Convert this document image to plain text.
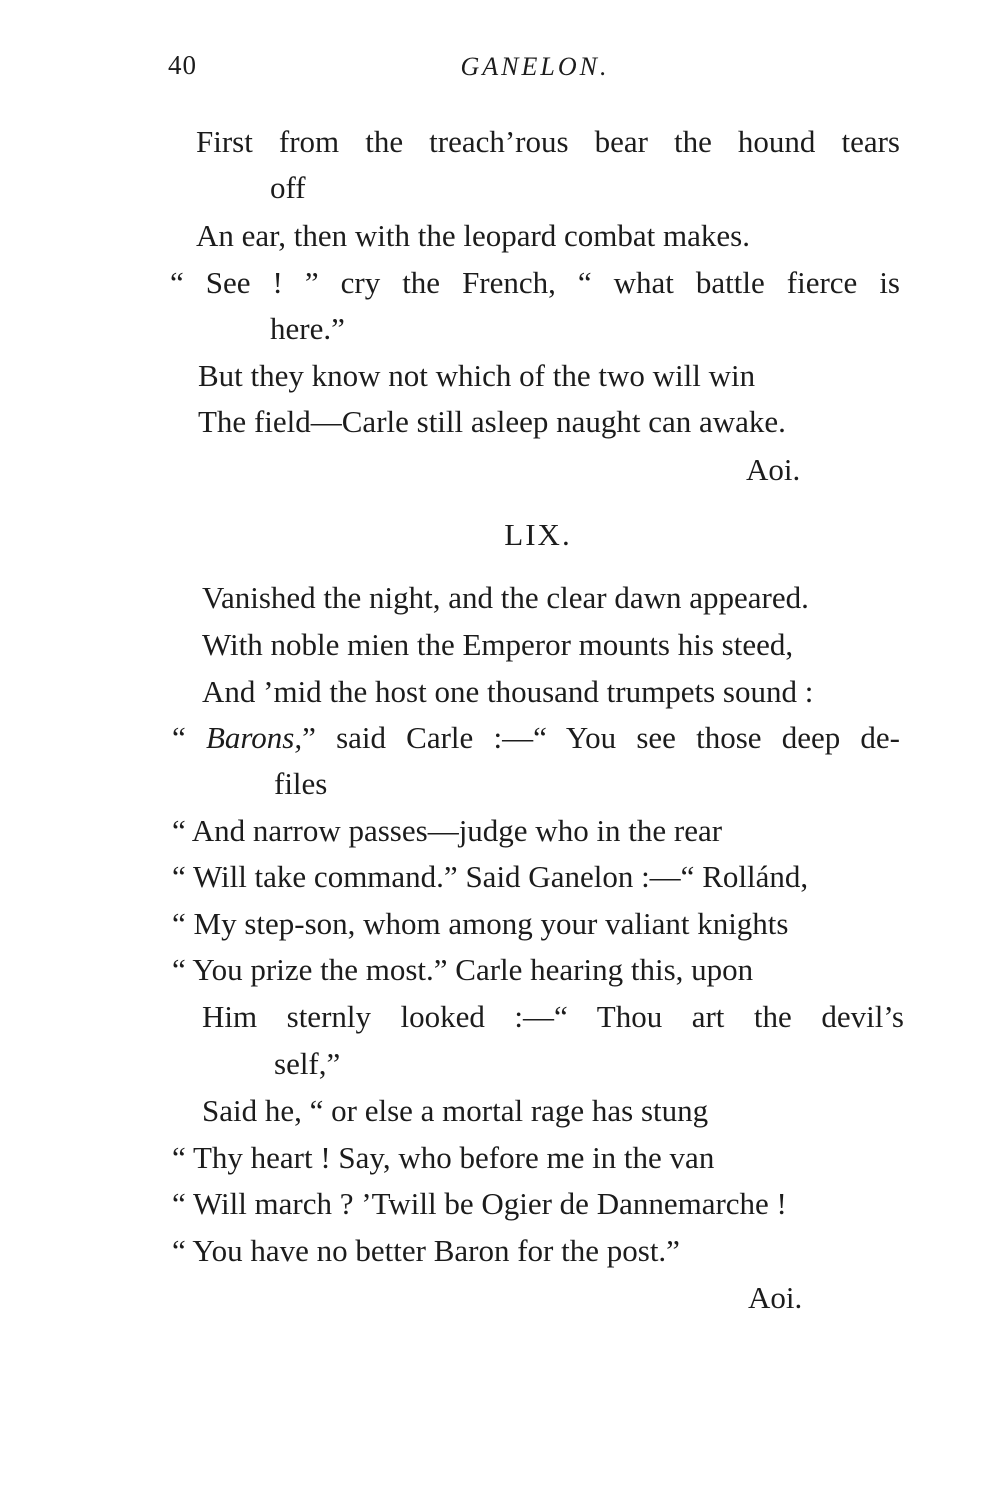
40	GANELON.
First from the treach’rous bear the hound tears
off
An ear, then with the leopard combat makes.
“ See ! ” cry the French, “ what battle fierce is
here.”
But they know not which of the two will win
The field—Carle still asleep naught can awake.
Aoi.
LIX.
Vanished the night, and the clear dawn appeared.
With noble mien the Emperor mounts his steed,
And ’mid the host one thousand trumpets sound :
“ Barons,” said Carle :—“ You see those deep de-
files
“ And narrow passes—judge who in the rear
“ Will take command.” Said Ganelon :—“ Rollánd,
“ My step-son, whom among your valiant knights
“ You prize the most.” Carle hearing this, upon
Him sternly looked :—“ Thou art the devil’s
self,”
Said he, “ or else a mortal rage has stung
“ Thy heart ! Say, who before me in the van
“ Will march ? ’Twill be Ogier de Dannemarche !
“ You have no better Baron for the post.”
Aoi.
